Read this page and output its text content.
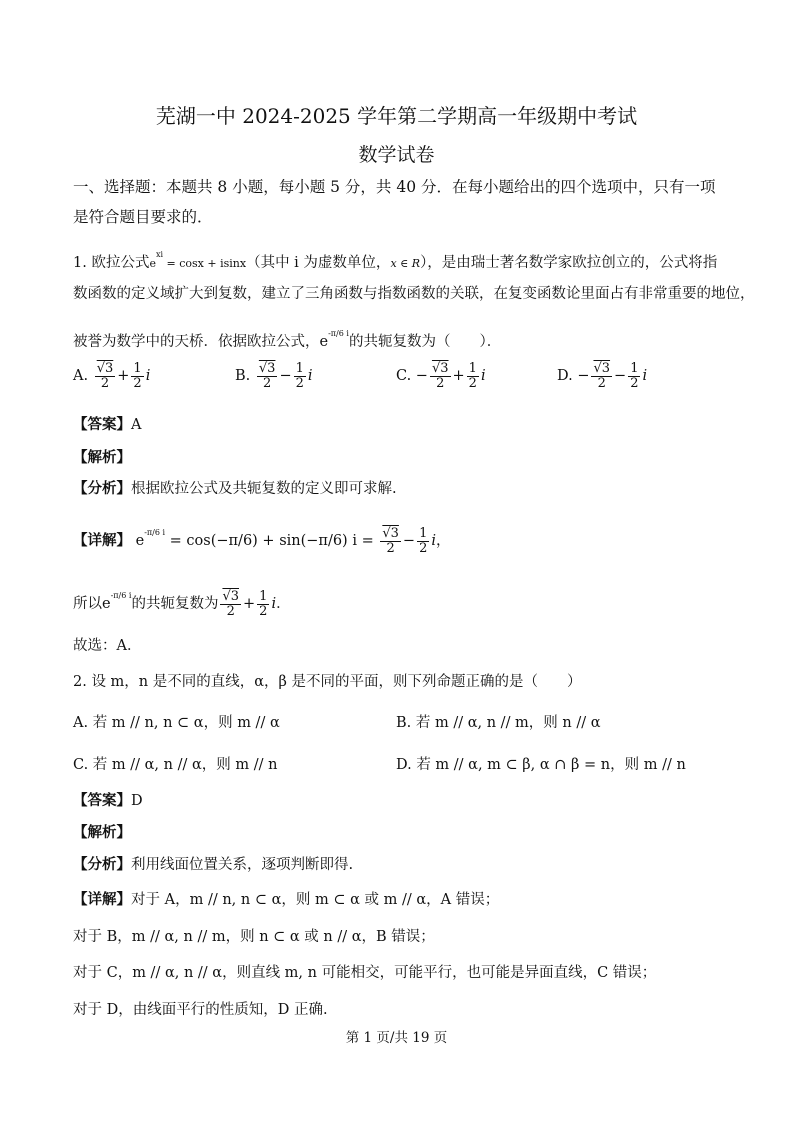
芜湖一中 2024-2025 学年第二学期高一年级期中考试
数学试卷
一、选择题：本题共 8 小题，每小题 5 分，共 40 分．在每小题给出的四个选项中，只有一项
是符合题目要求的．
1. 欧拉公式$e^{xi} = \cos x + isinx$（其中 i 为虚数单位，x ∈ R），是由瑞士著名数学家欧拉创立的，公式将指
数函数的定义域扩大到复数，建立了三角函数与指数函数的关联，在复变函数论里面占有非常重要的地位，
被誉为数学中的天桥．依据欧拉公式，$e^{-\pi/6 i}$的共轭复数为（　　）．
A. $\frac{√3}{2} + \frac{1}{2}$ i	B. $\frac{√3}{2} - \frac{1}{2}$ i	C. − $\frac{√3}{2} + \frac{1}{2}$ i	D. − $\frac{√3}{2} - \frac{1}{2}$ i
【答案】A
【解析】
【分析】根据欧拉公式及共轭复数的定义即可求解.
【详解】 $e^{-\pi/6 i} = \cos(-\pi/6) + \sin(-\pi/6) i = \frac{√3}{2} - \frac{1}{2}$ i，
所以$e^{-\pi/6 i}$的共轭复数为 $\frac{√3}{2} + \frac{1}{2}$ i．
故选：A．
2. 设 m，n 是不同的直线，α，β 是不同的平面，则下列命题正确的是（　　）
A. 若 m // n, n ⊂ α，则 m // α	B. 若 m // α, n // m，则 n // α
C. 若 m // α, n // α，则 m // n	D. 若 m // α, m ⊂ β, α ∩ β = n，则 m // n
【答案】D
【解析】
【分析】利用线面位置关系，逐项判断即得.
【详解】对于 A，m // n, n ⊂ α，则 m ⊂ α 或 m // α，A 错误；
对于 B，m // α, n // m，则 n ⊂ α 或 n // α，B 错误；
对于 C，m // α, n // α，则直线 m, n 可能相交，可能平行，也可能是异面直线，C 错误；
对于 D，由线面平行的性质知，D 正确.
第 1 页/共 19 页
